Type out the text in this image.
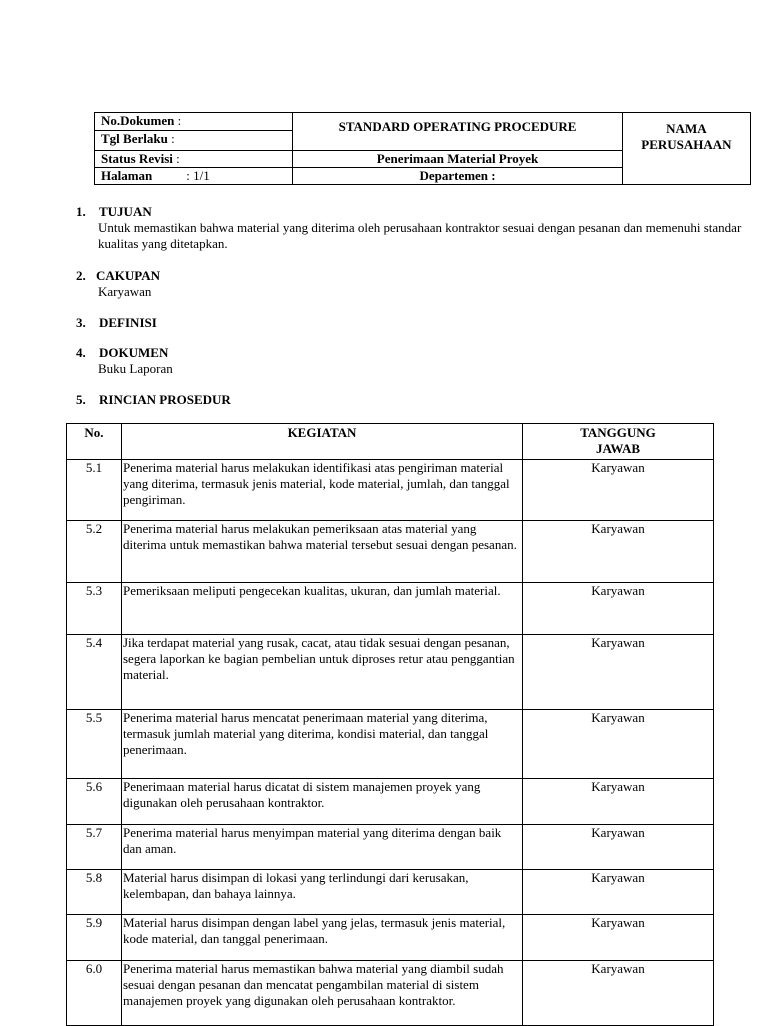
No.Dokumen :	STANDARD OPERATING PROCEDURE	NAMA
PERUSAHAAN

Tgl Berlaku :		
Status Revisi :	Penerimaan Material Proyek	
Halaman : 1/1	Departemen :	
1. TUJUAN
Untuk memastikan bahwa material yang diterima oleh perusahaan kontraktor sesuai dengan pesanan dan memenuhi standar kualitas yang ditetapkan.
2. CAKUPAN
Karyawan
3. DEFINISI
4. DOKUMEN
Buku Laporan
5. RINCIAN PROSEDUR
No.	KEGIATAN	TANGGUNG JAWAB
5.1	Penerima material harus melakukan identifikasi atas pengiriman material yang diterima, termasuk jenis material, kode material, jumlah, dan tanggal pengiriman.	Karyawan
5.2	Penerima material harus melakukan pemeriksaan atas material yang diterima untuk memastikan bahwa material tersebut sesuai dengan pesanan.	Karyawan
5.3	Pemeriksaan meliputi pengecekan kualitas, ukuran, dan jumlah material.	Karyawan
5.4	Jika terdapat material yang rusak, cacat, atau tidak sesuai dengan pesanan, segera laporkan ke bagian pembelian untuk diproses retur atau penggantian material.	Karyawan
5.5	Penerima material harus mencatat penerimaan material yang diterima, termasuk jumlah material yang diterima, kondisi material, dan tanggal penerimaan.	Karyawan
5.6	Penerimaan material harus dicatat di sistem manajemen proyek yang digunakan oleh perusahaan kontraktor.	Karyawan
5.7	Penerima material harus menyimpan material yang diterima dengan baik dan aman.	Karyawan
5.8	Material harus disimpan di lokasi yang terlindungi dari kerusakan, kelembapan, dan bahaya lainnya.	Karyawan
5.9	Material harus disimpan dengan label yang jelas, termasuk jenis material, kode material, dan tanggal penerimaan.	Karyawan
6.0	Penerima material harus memastikan bahwa material yang diambil sudah sesuai dengan pesanan dan mencatat pengambilan material di sistem manajemen proyek yang digunakan oleh perusahaan kontraktor.	Karyawan
